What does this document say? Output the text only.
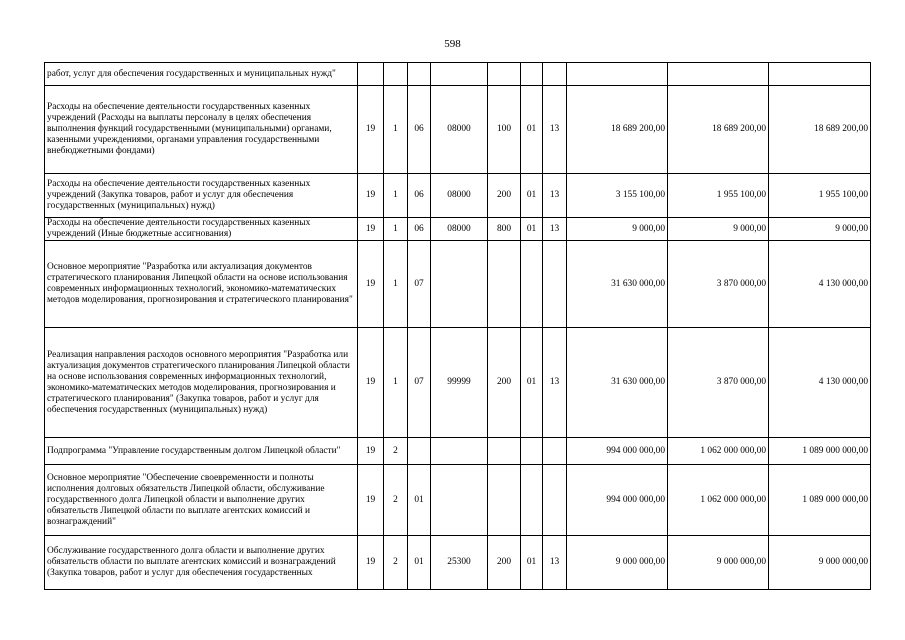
598
работ, услуг для обеспечения государственных и муниципальных нужд"										
Расходы на обеспечение деятельности государственных казенных учреждений (Расходы на выплаты персоналу в целях обеспечения выполнения функций государственными (муниципальными) органами, казенными учреждениями, органами управления государственными внебюджетными фондами)	19	1	06	08000	100	01	13	18 689 200,00	18 689 200,00	18 689 200,00
Расходы на обеспечение деятельности государственных казенных учреждений (Закупка товаров, работ и услуг для обеспечения государственных (муниципальных) нужд)	19	1	06	08000	200	01	13	3 155 100,00	1 955 100,00	1 955 100,00
Расходы на обеспечение деятельности государственных казенных учреждений (Иные бюджетные ассигнования)	19	1	06	08000	800	01	13	9 000,00	9 000,00	9 000,00
Основное мероприятие "Разработка или актуализация документов стратегического планирования Липецкой области на основе использования современных информационных технологий, экономико-математических методов моделирования, прогнозирования и стратегического планирования"	19	1	07					31 630 000,00	3 870 000,00	4 130 000,00
Реализация направления расходов основного мероприятия "Разработка или актуализация документов стратегического планирования Липецкой области на основе использования современных информационных технологий, экономико-математических методов моделирования, прогнозирования и стратегического планирования" (Закупка товаров, работ и услуг для обеспечения государственных (муниципальных) нужд)	19	1	07	99999	200	01	13	31 630 000,00	3 870 000,00	4 130 000,00
Подпрограмма "Управление государственным долгом Липецкой области"	19	2						994 000 000,00	1 062 000 000,00	1 089 000 000,00
Основное мероприятие "Обеспечение своевременности и полноты исполнения долговых обязательств Липецкой области, обслуживание государственного долга Липецкой области и выполнение других обязательств Липецкой области по выплате агентских комиссий и вознаграждений"	19	2	01					994 000 000,00	1 062 000 000,00	1 089 000 000,00
Обслуживание государственного долга области и выполнение других обязательств области по выплате агентских комиссий и вознаграждений (Закупка товаров, работ и услуг для обеспечения государственных	19	2	01	25300	200	01	13	9 000 000,00	9 000 000,00	9 000 000,00
